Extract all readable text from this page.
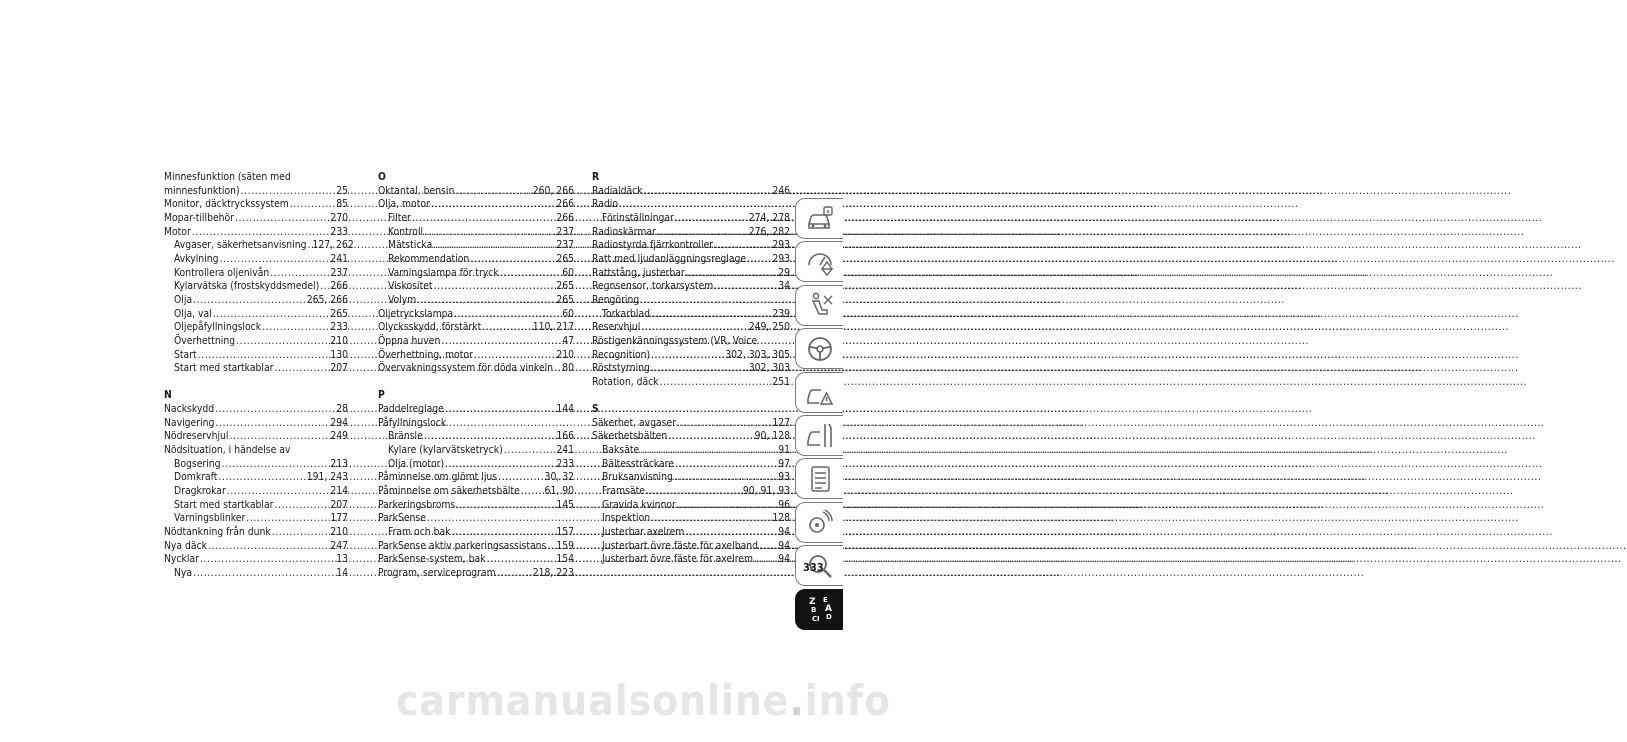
Minnesfunktion (säten med
minnesfunktion) .....	25
Monitor, däcktryckssystem .....	85
Mopar-tillbehör .....	270
Motor .....	233
Avgaser, säkerhetsanvisning ..... 127, 262
Avkylning .....	241
Kontrollera oljenivån .....	237
Kylarvätska (frostskyddsmedel) ..... 266
Olja .....	265, 266
Olja, val .....	265
Oljepåfyllningslock .....	233
Överhettning .....	210
Start .....	130
Start med startkablar .....	207
N
Nackskydd .....	28
Navigering .....	294
Nödreservhjul .....	249
Nödsituation, i händelse av
Bogsering .....	213
Domkraft .....	191, 243
Dragkrokar .....	214
Start med startkablar .....	207
Varningsblinker .....	177
Nödtankning från dunk .....	210
Nya däck .....	247
Nycklar .....	13
Nya .....	14
O
Oktantal, bensin .....	260, 266
Olja, motor .....	266
Filter .....	266
Kontroll .....	237
Mätsticka .....	237
Rekommendation .....	265
Varningslampa för tryck .....	60
Viskositet .....	265
Volym .....	265
Oljetryckslampa .....	60
Olycksskydd, förstärkt .....	110, 217
Öppna huven .....	47
Överhettning, motor .....	210
Övervakningssystem för döda vinkeln ..... 80
P
Paddelreglage .....	144
Påfyllningslock
Bränsle .....	166
Kylare (kylarvätsketryck) .....	241
Olja (motor) .....	233
Påminnelse om glömt ljus .....	30, 32
Påminnelse om säkerhetsbälte ..... 61, 90
Parkeringsbroms .....	145
ParkSense
Fram och bak .....	157
ParkSense aktiv parkeringsassistans ..... 159
ParkSense-system, bak .....	154
Program, serviceprogram .....	218, 223
R
Radialdäck .....	246
Radio
Förinställningar .....	274, 278
Radioskärmar .....	276, 282
Radiostyrda fjärrkontroller .....	293
Ratt med ljudanläggningsreglage .....	293
Rattstång, justerbar .....	29
Regnsensor, torkarsystem .....	34
Rengöring
Torkarblad .....	239
Reservhjul .....	249, 250
Röstigenkänningssystem (VR, Voice
Recognition) .....	302, 303, 305
Röststyrning .....	302, 303
Rotation, däck .....	251
S
Säkerhet, avgaser .....	127
Säkerhetsbälten .....	90, 128
Baksäte .....	91
Bältessträckare .....	97
Bruksanvisning .....	93
Framsäte .....	90, 91, 93
Gravida kvinnor .....	96
Inspektion .....	128
Justerbar axelrem .....	94
Justerbart övre fäste för axelband ..... 94
Justerbart övre fäste för axelrem ..... 94
Z E
A
B
I
C D
333
carmanualsonline.info
